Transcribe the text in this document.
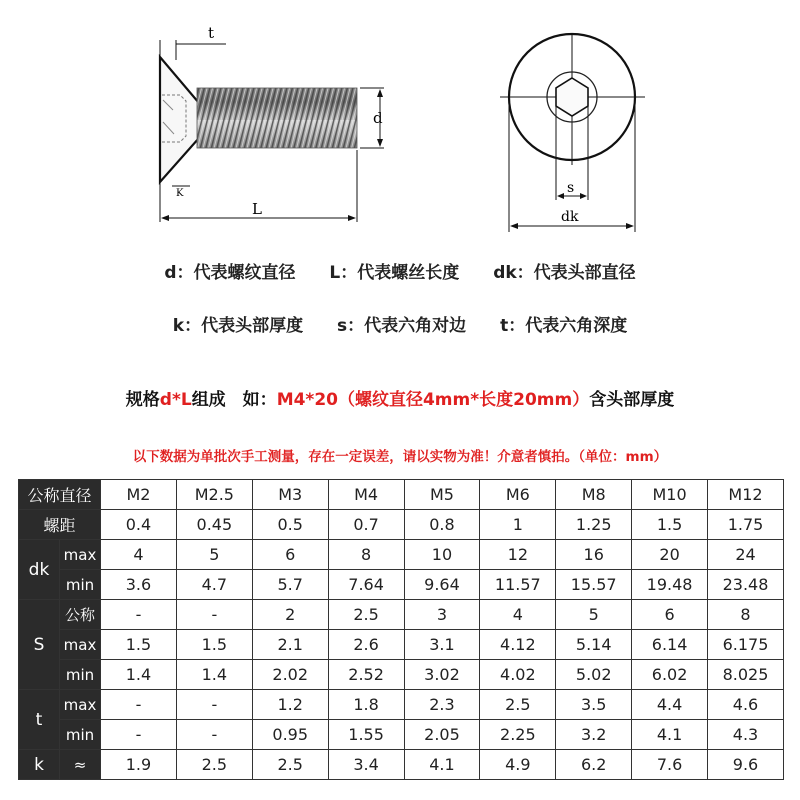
t
d
K
L
s
dk
d：代表螺纹直径 L：代表螺丝长度 dk：代表头部直径
k：代表头部厚度 s：代表六角对边 t：代表六角深度
规格d*L组成　如：M4*20（螺纹直径4mm*长度20mm）含头部厚度
以下数据为单批次手工测量，存在一定误差，请以实物为准！介意者慎拍。（单位：mm）
公称直径		M2	M2.5	M3	M4	M5	M6	M8	M10	M12
螺距		0.4	0.45	0.5	0.7	0.8	1	1.25	1.5	1.75
dk	max	4	5	6	8	10	12	16	20	24
	min	3.6	4.7	5.7	7.64	9.64	11.57	15.57	19.48	23.48
S	公称	-	-	2	2.5	3	4	5	6	8
	max	1.5	1.5	2.1	2.6	3.1	4.12	5.14	6.14	6.175
	min	1.4	1.4	2.02	2.52	3.02	4.02	5.02	6.02	8.025
t	max	-	-	1.2	1.8	2.3	2.5	3.5	4.4	4.6
	min	-	-	0.95	1.55	2.05	2.25	3.2	4.1	4.3
k	≈	1.9	2.5	2.5	3.4	4.1	4.9	6.2	7.6	9.6
